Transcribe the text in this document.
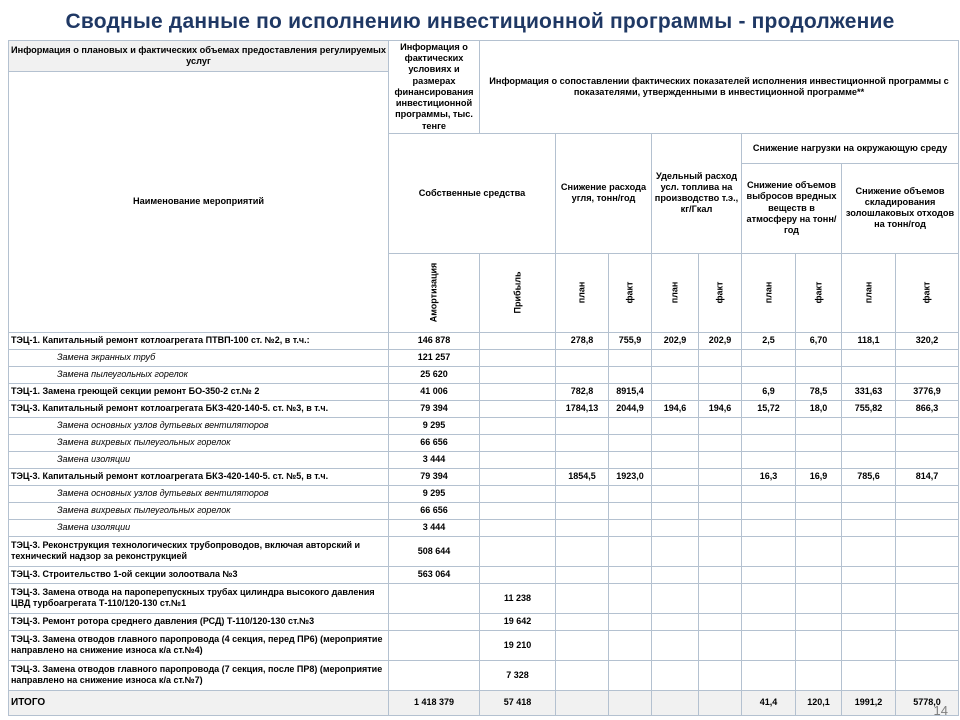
Сводные данные по исполнению инвестиционной программы - продолжение
Информация о плановых и фактических объемах предоставления регулируемых услуг	Информация о фактических условиях и размерах финансирования инвестиционной программы, тыс. тенге	Информация о сопоставлении фактических показателей исполнения инвестиционной программы с показателями, утвержденными в инвестиционной программе**								
Наименование мероприятий										
	Собственные средства		Снижение расхода угля, тонн/год		Удельный расход усл. топлива на производство т.э., кг/Гкал		Снижение нагрузки на окружающую среду			
							Снижение объемов выбросов вредных веществ в атмосферу на тонн/год		Снижение объемов складирования золошлаковых отходов на тонн/год	
	Амортизация	Прибыль	план	факт	план	факт	план	факт	план	факт
ТЭЦ-1. Капитальный ремонт котлоагрегата ПТВП-100 ст. №2, в т.ч.:	146 878		278,8	755,9	202,9	202,9	2,5	6,70	118,1	320,2
Замена экранных труб	121 257									
Замена пылеугольных горелок	25 620									
ТЭЦ-1. Замена греющей секции ремонт БО-350-2 ст.№ 2	41 006		782,8	8915,4			6,9	78,5	331,63	3776,9
ТЭЦ-3. Капитальный ремонт котлоагрегата БКЗ-420-140-5. ст. №3, в т.ч.	79 394		1784,13	2044,9	194,6	194,6	15,72	18,0	755,82	866,3
Замена основных узлов дутьевых вентиляторов	9 295									
Замена вихревых пылеугольных горелок	66 656									
Замена изоляции	3 444									
ТЭЦ-3. Капитальный ремонт котлоагрегата БКЗ-420-140-5. ст. №5, в т.ч.	79 394		1854,5	1923,0			16,3	16,9	785,6	814,7
Замена основных узлов дутьевых вентиляторов	9 295									
Замена вихревых пылеугольных горелок	66 656									
Замена изоляции	3 444									
ТЭЦ-3. Реконструкция технологических трубопроводов, включая авторский и технический надзор за реконструкцией	508 644									
ТЭЦ-3. Строительство 1-ой секции золоотвала №3	563 064									
ТЭЦ-3. Замена отвода на пароперепускных трубах цилиндра высокого давления ЦВД турбоагрегата Т-110/120-130 ст.№1		11 238								
ТЭЦ-3. Ремонт ротора среднего давления (РСД) Т-110/120-130 ст.№3		19 642								
ТЭЦ-3. Замена отводов главного паропровода (4 секция, перед ПР6) (мероприятие направлено на снижение износа к/а ст.№4)		19 210								
ТЭЦ-3. Замена отводов главного паропровода (7 секция, после ПР8) (мероприятие направлено на снижение износа к/а ст.№7)		7 328								
ИТОГО	1 418 379	57 418					41,4	120,1	1991,2	5778,0
14
